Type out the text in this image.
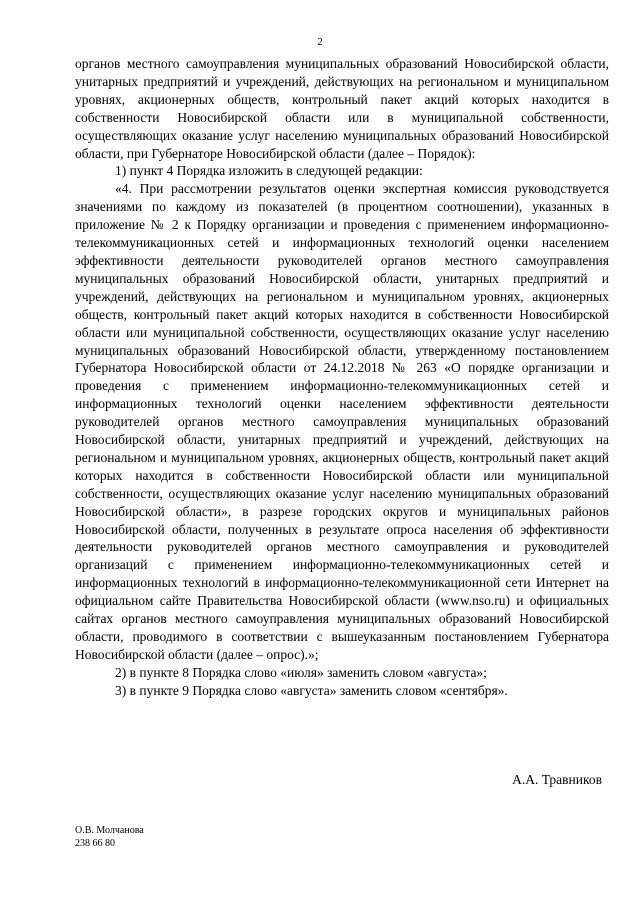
2

органов местного самоуправления муниципальных образований Новосибирской области, унитарных предприятий и учреждений, действующих на региональном и муниципальном уровнях, акционерных обществ, контрольный пакет акций которых находится в собственности Новосибирской области или в муниципальной собственности, осуществляющих оказание услуг населению муниципальных образований Новосибирской области, при Губернаторе Новосибирской области (далее – Порядок):

1) пункт 4 Порядка изложить в следующей редакции:

«4. При рассмотрении результатов оценки экспертная комиссия руководствуется значениями по каждому из показателей (в процентном соотношении), указанных в приложение № 2 к Порядку организации и проведения с применением информационно-телекоммуникационных сетей и информационных технологий оценки населением эффективности деятельности руководителей органов местного самоуправления муниципальных образований Новосибирской области, унитарных предприятий и учреждений, действующих на региональном и муниципальном уровнях, акционерных обществ, контрольный пакет акций которых находится в собственности Новосибирской области или муниципальной собственности, осуществляющих оказание услуг населению муниципальных образований Новосибирской области, утвержденному постановлением Губернатора Новосибирской области от 24.12.2018 № 263 «О порядке организации и проведения с применением информационно-телекоммуникационных сетей и информационных технологий оценки населением эффективности деятельности руководителей органов местного самоуправления муниципальных образований Новосибирской области, унитарных предприятий и учреждений, действующих на региональном и муниципальном уровнях, акционерных обществ, контрольный пакет акций которых находится в собственности Новосибирской области или муниципальной собственности, осуществляющих оказание услуг населению муниципальных образований Новосибирской области», в разрезе городских округов и муниципальных районов Новосибирской области, полученных в результате опроса населения об эффективности деятельности руководителей органов местного самоуправления и руководителей организаций с применением информационно-телекоммуникационных сетей и информационных технологий в информационно-телекоммуникационной сети Интернет на официальном сайте Правительства Новосибирской области (www.nso.ru) и официальных сайтах органов местного самоуправления муниципальных образований Новосибирской области, проводимого в соответствии с вышеуказанным постановлением Губернатора Новосибирской области (далее – опрос).»;

2) в пункте 8 Порядка слово «июля» заменить словом «августа»;

3) в пункте 9 Порядка слово «августа» заменить словом «сентября».

А.А. Травников
О.В. Молчанова
238 66 80
